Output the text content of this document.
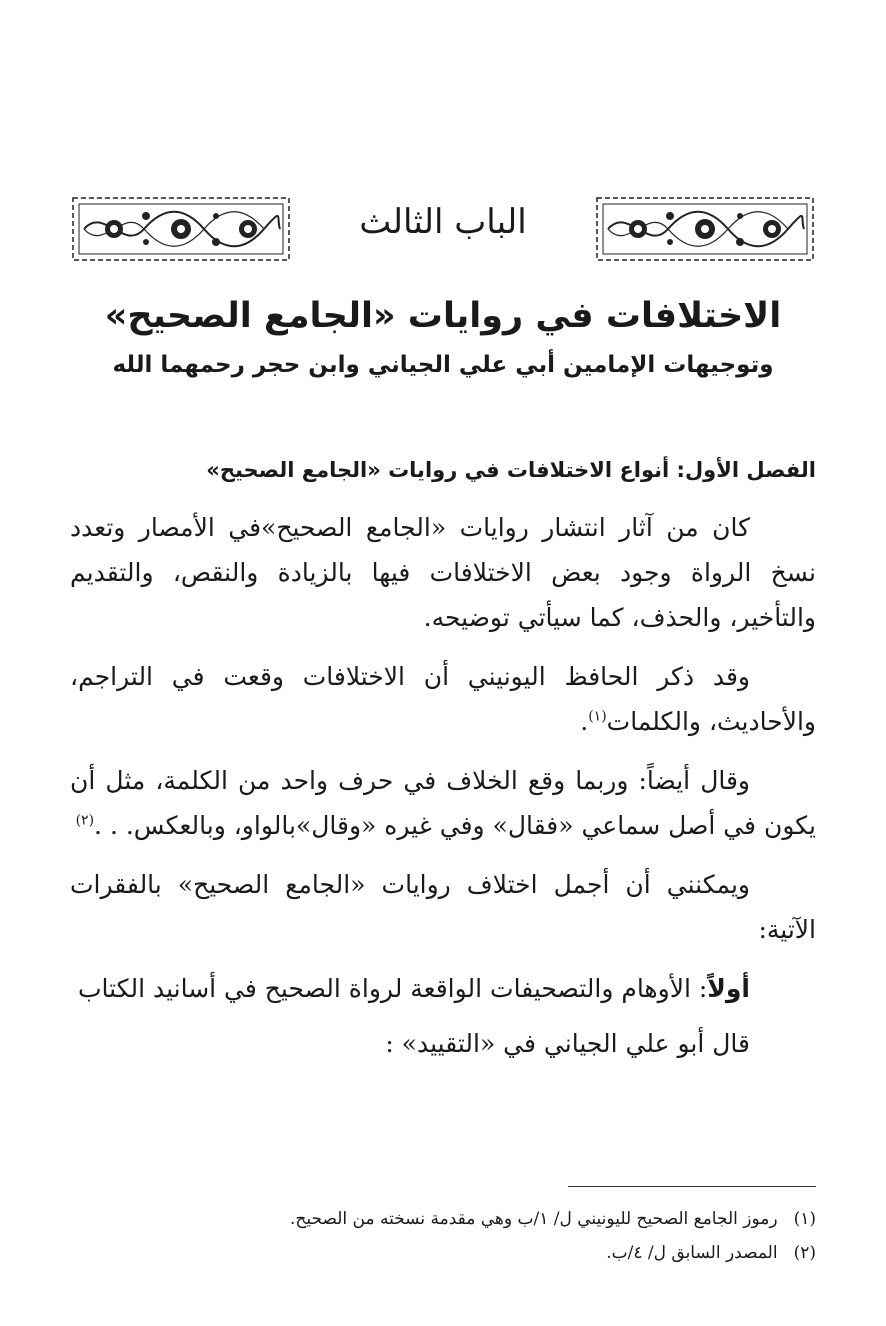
الباب الثالث
الاختلافات في روايات «الجامع الصحيح»
وتوجيهات الإمامين أبي علي الجياني وابن حجر رحمهما الله
الفصل الأول: أنواع الاختلافات في روايات «الجامع الصحيح»

كان من آثار انتشار روايات «الجامع الصحيح»في الأمصار وتعدد نسخ الرواة وجود بعض الاختلافات فيها بالزيادة والنقص، والتقديم والتأخير، والحذف، كما سيأتي توضيحه.

وقد ذكر الحافظ اليونيني أن الاختلافات وقعت في التراجم، والأحاديث، والكلمات$^{(١)}$.

وقال أيضاً: وربما وقع الخلاف في حرف واحد من الكلمة، مثل أن يكون في أصل سماعي «فقال» وفي غيره «وقال»بالواو، وبالعكس. . .$^{(٢)}$

ويمكنني أن أجمل اختلاف روايات «الجامع الصحيح» بالفقرات الآتية:

أولاً: الأوهام والتصحيفات الواقعة لرواة الصحيح في أسانيد الكتاب

قال أبو علي الجياني في «التقييد» :

(١)رموز الجامع الصحيح لليونيني ل/ ١/ب وهي مقدمة نسخته من الصحيح.
(٢)المصدر السابق ل/ ٤/ب.
